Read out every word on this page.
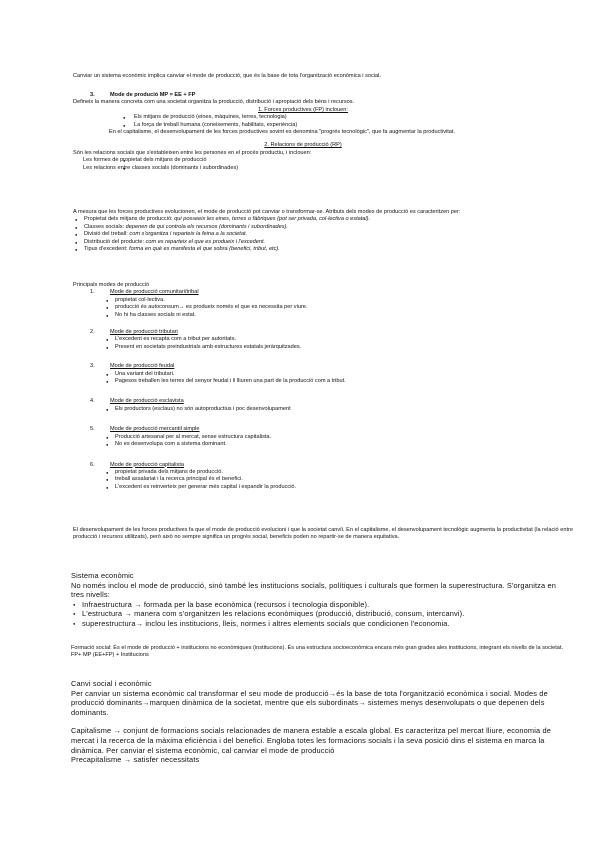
Canviar un sistema econòmic implica canviar el mode de producció, que és la base de tota l'organització econòmica i social.

3.	Mode de produció MP = EE + FP

Defineix la manera concreta com una societat organitza la producció, distribució i apropiació dels béns i recursos.

1. Forces productives (FP) inclouen:

● Els mitjans de producció (eines, màquines, terres, tecnologia)
● La força de treball humana (coneixements, habilitats, experiència)

En el capitalisme, el desenvolupament de les forces productives sovint es denomina "progrés tecnològic", que fa augmentar la productivitat.

2. Relacions de producció (RP)

Són les relacions socials que s'estableixen entre les persones en el procés productiu, i inclouen:

● Les formes de propietat dels mitjans de producció
● Les relacions entre classes socials (dominants i subordinades)

A mesura que les forces productives evolucionen, el mode de producció pot canviar o transformar-se. Atributs dels modes de producció es caracteritzen per:

● Propietat dels mitjans de producció: qui posseeix les eines, terres o fàbriques (pot ser privada, col·lectiva o estatal).
● Classes socials: depenen de qui controla els recursos (dominants i subordinades).
● Divisió del treball: com s'organitza i reparteix la feina a la societat.
● Distribució del producte: com es reparteix el que es produeix i l'excedent.
● Tipus d'excedent: forma en què es manifesta el que sobra (benefici, tribut, etc).

Principals modes de producció

1.	Mode de producció comunitari/tribal

● propietat col·lectiva.
● producció és autoconsum→ es produeix només el que es necessita per viure.
● No hi ha classes socials ni estat.

2.	Mode de producció tributari

● L'excedent es recapta com a tribut per autoritats.
● Present en societats preindustrials amb estructures estatals jeràrquitzades.

3.	Mode de producció feudal

● Una variant del tributari.
● Pagesos treballen les terres del senyor feudal i li lliuren una part de la producció com a tribut.

4.	Mode de producció esclavista

● Els productors (esclaus) no són autoproductius i poc desenvolupament

5.	Mode de producció mercantil simple

● Producció artesanal per al mercat, sense estructura capitalista.
● No es desenvolupa com a sistema dominant.

6.	Mode de producció capitalista

● propietat privada dels mitjans de producció.
● treball assalariat i la recerca principal és el benefici.
● L'excedent es reinverteix per generar més capital i expandir la producció.

El desenvolupament de les forces productives fa que el mode de producció evolucioni i que la societat canviï. En el capitalisme, el desenvolupament tecnològic augmenta la productivitat (la relació entre producció i recursos utilitzats), però això no sempre significa un progrés social, beneficis poden no repartir-se de manera equitativa.

Sistema econòmic

No només inclou el mode de producció, sinó també les institucions socials, polítiques i culturals que formen la superestructura. S'organitza en tres nivells:

● Infraestructura → formada per la base econòmica (recursos i tecnologia disponible).
● L'estructura → manera com s'organitzen les relacions econòmiques (producció, distribució, consum, intercanvi).
● superestructura→ inclou les institucions, lleis, normes i altres elements socials que condicionen l'economia.

Formació social: És el mode de producció + institucions no econòmiques (institucions). És una estructura socioeconòmica encara més gran grades ales institucions, integrant els nivells de la societat. FP+ MP (EE+FP) + Institucions

Canvi social i econòmic

Per canviar un sistema econòmic cal transformar el seu mode de producció→és la base de tota l'organització econòmica i social. Modes de producció dominants→marquen dinàmica de la societat, mentre que els subordinats→ sistemes menys desenvolupats o que depenen dels dominants.

Capitalisme → conjunt de formacions socials relacionades de manera estable a escala global. Es caracteritza pel mercat lliure, economia de mercat i la recerca de la màxima eficiència i del benefici. Engloba totes les formacions socials i la seva posició dins el sistema en marca la dinàmica. Per canviar el sistema econòmic, cal canviar el mode de producció

Precapitalisme → satisfer necessitats
